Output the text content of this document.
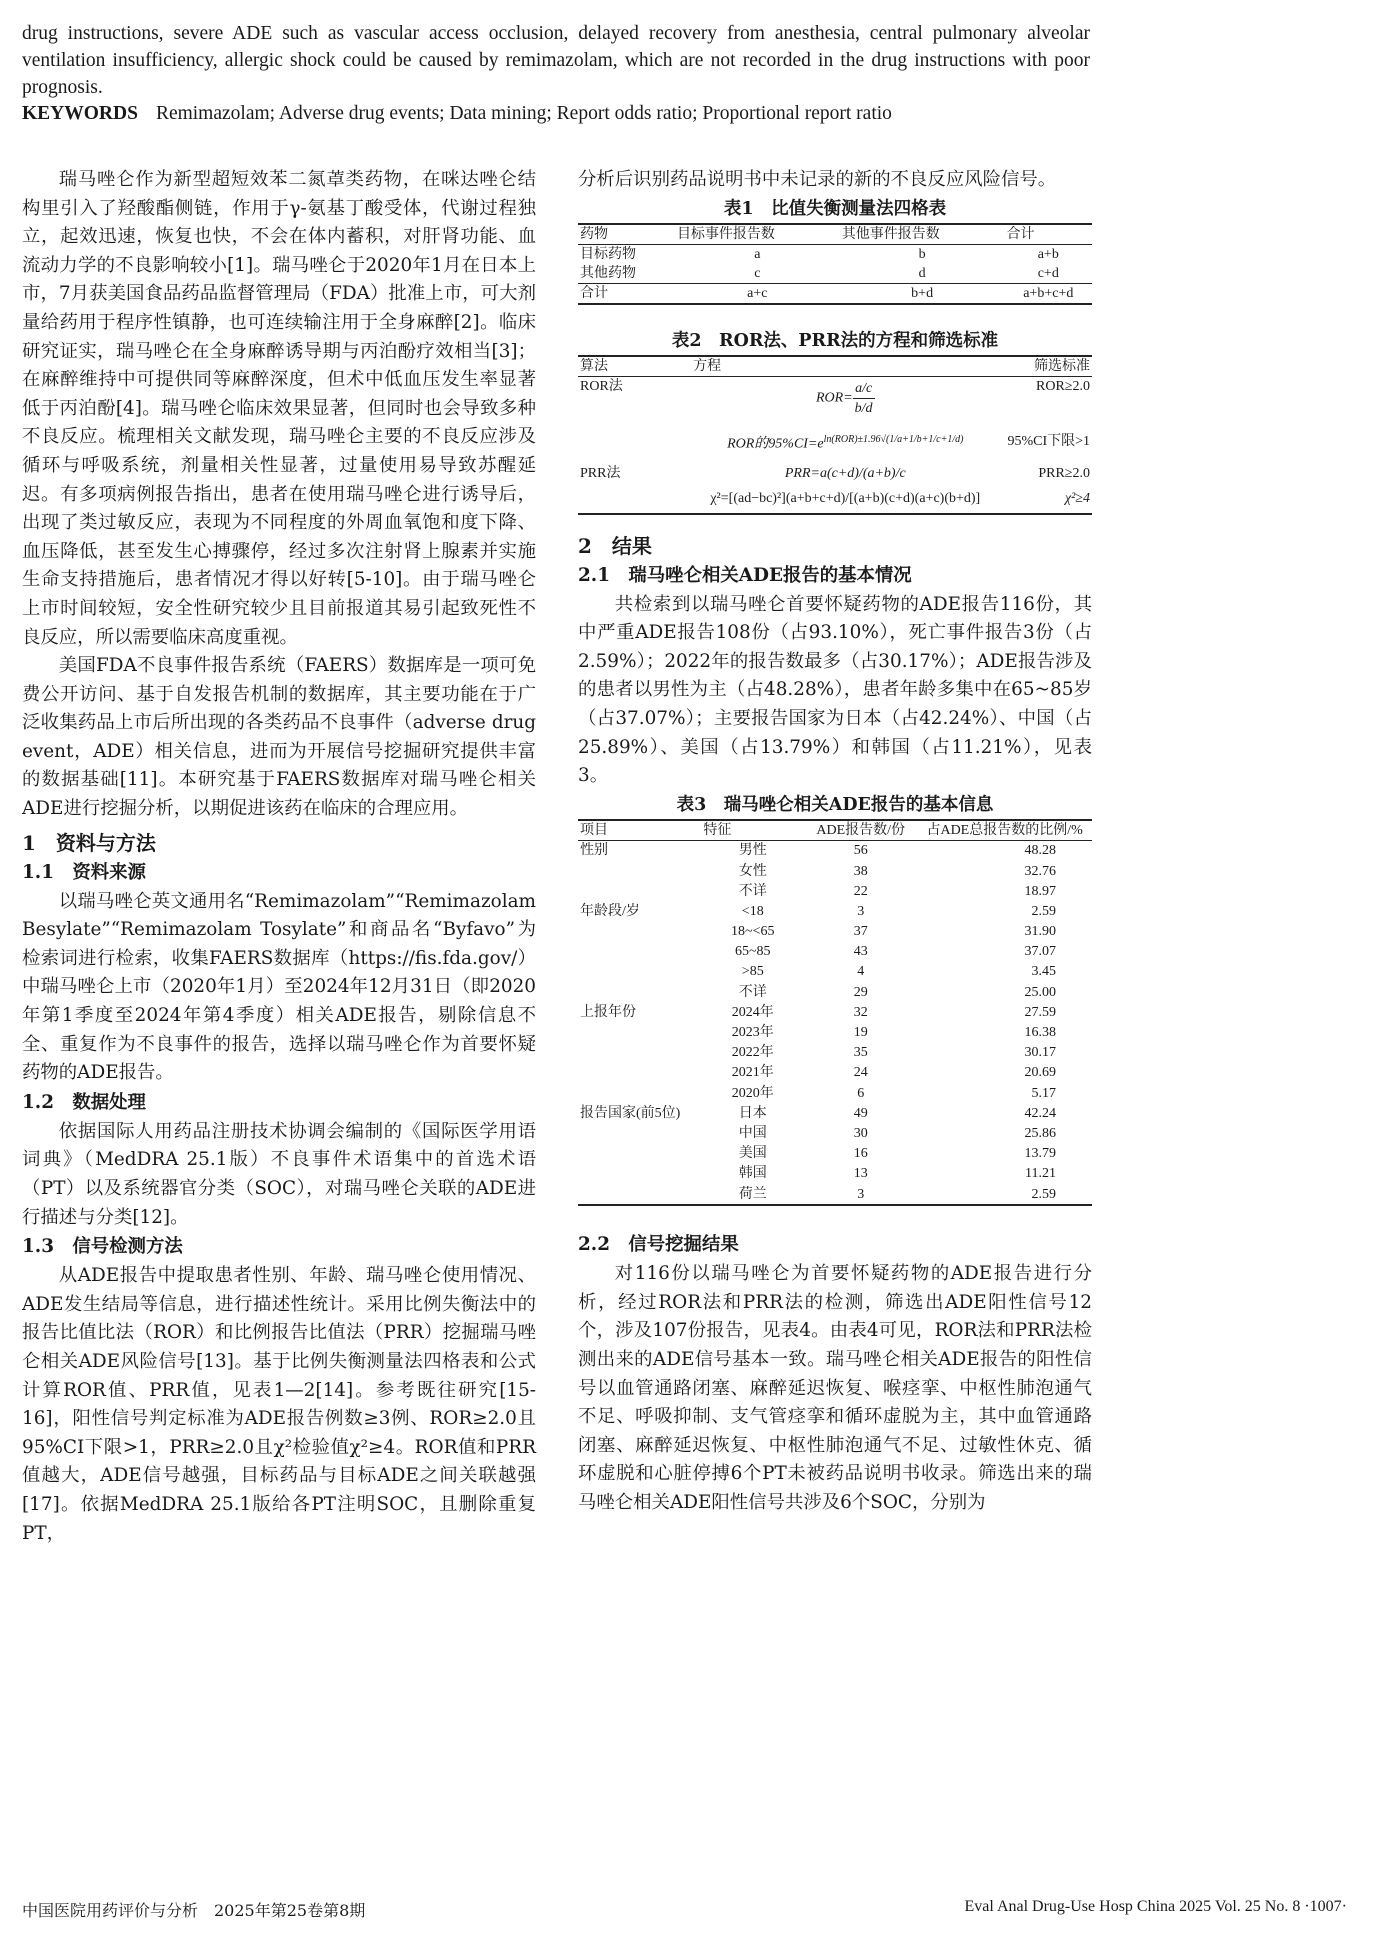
drug instructions, severe ADE such as vascular access occlusion, delayed recovery from anesthesia, central pulmonary alveolar ventilation insufficiency, allergic shock could be caused by remimazolam, which are not recorded in the drug instructions with poor prognosis.
KEYWORDS Remimazolam; Adverse drug events; Data mining; Report odds ratio; Proportional report ratio

瑞马唑仑作为新型超短效苯二氮䓬类药物，在咪达唑仑结构里引入了羟酸酯侧链，作用于γ-氨基丁酸受体，代谢过程独立，起效迅速，恢复也快，不会在体内蓄积，对肝肾功能、血流动力学的不良影响较小[1]。瑞马唑仑于2020年1月在日本上市，7月获美国食品药品监督管理局（FDA）批准上市，可大剂量给药用于程序性镇静，也可连续输注用于全身麻醉[2]。临床研究证实，瑞马唑仑在全身麻醉诱导期与丙泊酚疗效相当[3]；在麻醉维持中可提供同等麻醉深度，但术中低血压发生率显著低于丙泊酚[4]。瑞马唑仑临床效果显著，但同时也会导致多种不良反应。梳理相关文献发现，瑞马唑仑主要的不良反应涉及循环与呼吸系统，剂量相关性显著，过量使用易导致苏醒延迟。有多项病例报告指出，患者在使用瑞马唑仑进行诱导后，出现了类过敏反应，表现为不同程度的外周血氧饱和度下降、血压降低，甚至发生心搏骤停，经过多次注射肾上腺素并实施生命支持措施后，患者情况才得以好转[5-10]。由于瑞马唑仑上市时间较短，安全性研究较少且目前报道其易引起致死性不良反应，所以需要临床高度重视。

美国FDA不良事件报告系统（FAERS）数据库是一项可免费公开访问、基于自发报告机制的数据库，其主要功能在于广泛收集药品上市后所出现的各类药品不良事件（adverse drug event，ADE）相关信息，进而为开展信号挖掘研究提供丰富的数据基础[11]。本研究基于FAERS数据库对瑞马唑仑相关ADE进行挖掘分析，以期促进该药在临床的合理应用。

1　资料与方法
1.1　资料来源

以瑞马唑仑英文通用名“Remimazolam”“Remimazolam Besylate”“Remimazolam Tosylate”和商品名“Byfavo”为检索词进行检索，收集FAERS数据库（https://fis.fda.gov/）中瑞马唑仑上市（2020年1月）至2024年12月31日（即2020年第1季度至2024年第4季度）相关ADE报告，剔除信息不全、重复作为不良事件的报告，选择以瑞马唑仑作为首要怀疑药物的ADE报告。

1.2　数据处理

依据国际人用药品注册技术协调会编制的《国际医学用语词典》（MedDRA 25.1版）不良事件术语集中的首选术语（PT）以及系统器官分类（SOC），对瑞马唑仑关联的ADE进行描述与分类[12]。

1.3　信号检测方法

从ADE报告中提取患者性别、年龄、瑞马唑仑使用情况、ADE发生结局等信息，进行描述性统计。采用比例失衡法中的报告比值比法（ROR）和比例报告比值法（PRR）挖掘瑞马唑仑相关ADE风险信号[13]。基于比例失衡测量法四格表和公式计算ROR值、PRR值，见表1—2[14]。参考既往研究[15-16]，阳性信号判定标准为ADE报告例数≥3例、ROR≥2.0且95%CI下限>1，PRR≥2.0且χ²检验值χ²≥4。ROR值和PRR值越大，ADE信号越强，目标药品与目标ADE之间关联越强[17]。依据MedDRA 25.1版给各PT注明SOC，且删除重复PT，

分析后识别药品说明书中未记录的新的不良反应风险信号。

表1　比值失衡测量法四格表
药物	目标事件报告数	其他事件报告数	合计
目标药物	a	b	a+b
其他药物	c	d	c+d
合计	a+c	b+d	a+b+c+d
表2　ROR法、PRR法的方程和筛选标准
算法	方程	筛选标准
ROR法	$ROR= \frac{a/c}{b/d}$	ROR≥2.0
	ROR的$95\%CI=e^{ln(ROR)\pm 1.96√(1/a+1/b+1/c+1/d)}$	95%CI下限>1
PRR法	PRR=a(c+d)/(a+b)/c	PRR≥2.0
	χ²=[(ad−bc)²](a+b+c+d)/[(a+b)(c+d)(a+c)(b+d)]	χ²≥4
2　结果
2.1　瑞马唑仑相关ADE报告的基本情况

共检索到以瑞马唑仑首要怀疑药物的ADE报告116份，其中严重ADE报告108份（占93.10%），死亡事件报告3份（占2.59%）；2022年的报告数最多（占30.17%）；ADE报告涉及的患者以男性为主（占48.28%），患者年龄多集中在65~85岁（占37.07%）；主要报告国家为日本（占42.24%）、中国（占25.89%）、美国（占13.79%）和韩国（占11.21%），见表3。

表3　瑞马唑仑相关ADE报告的基本信息
项目	特征	ADE报告数/份	占ADE总报告数的比例/%
性别	男性	56	48.28
	女性	38	32.76
	不详	22	18.97
年龄段/岁	<18	3	2.59
	18~<65	37	31.90
	65~85	43	37.07
	>85	4	3.45
	不详	29	25.00
上报年份	2024年	32	27.59
	2023年	19	16.38
	2022年	35	30.17
	2021年	24	20.69
	2020年	6	5.17
报告国家(前5位)	日本	49	42.24
	中国	30	25.86
	美国	16	13.79
	韩国	13	11.21
	荷兰	3	2.59
2.2　信号挖掘结果

对116份以瑞马唑仑为首要怀疑药物的ADE报告进行分析，经过ROR法和PRR法的检测，筛选出ADE阳性信号12个，涉及107份报告，见表4。由表4可见，ROR法和PRR法检测出来的ADE信号基本一致。瑞马唑仑相关ADE报告的阳性信号以血管通路闭塞、麻醉延迟恢复、喉痉挛、中枢性肺泡通气不足、呼吸抑制、支气管痉挛和循环虚脱为主，其中血管通路闭塞、麻醉延迟恢复、中枢性肺泡通气不足、过敏性休克、循环虚脱和心脏停搏6个PT未被药品说明书收录。筛选出来的瑞马唑仑相关ADE阳性信号共涉及6个SOC，分别为

中国医院用药评价与分析　2025年第25卷第8期	Eval Anal Drug-Use Hosp China 2025 Vol. 25 No. 8 ·1007·
